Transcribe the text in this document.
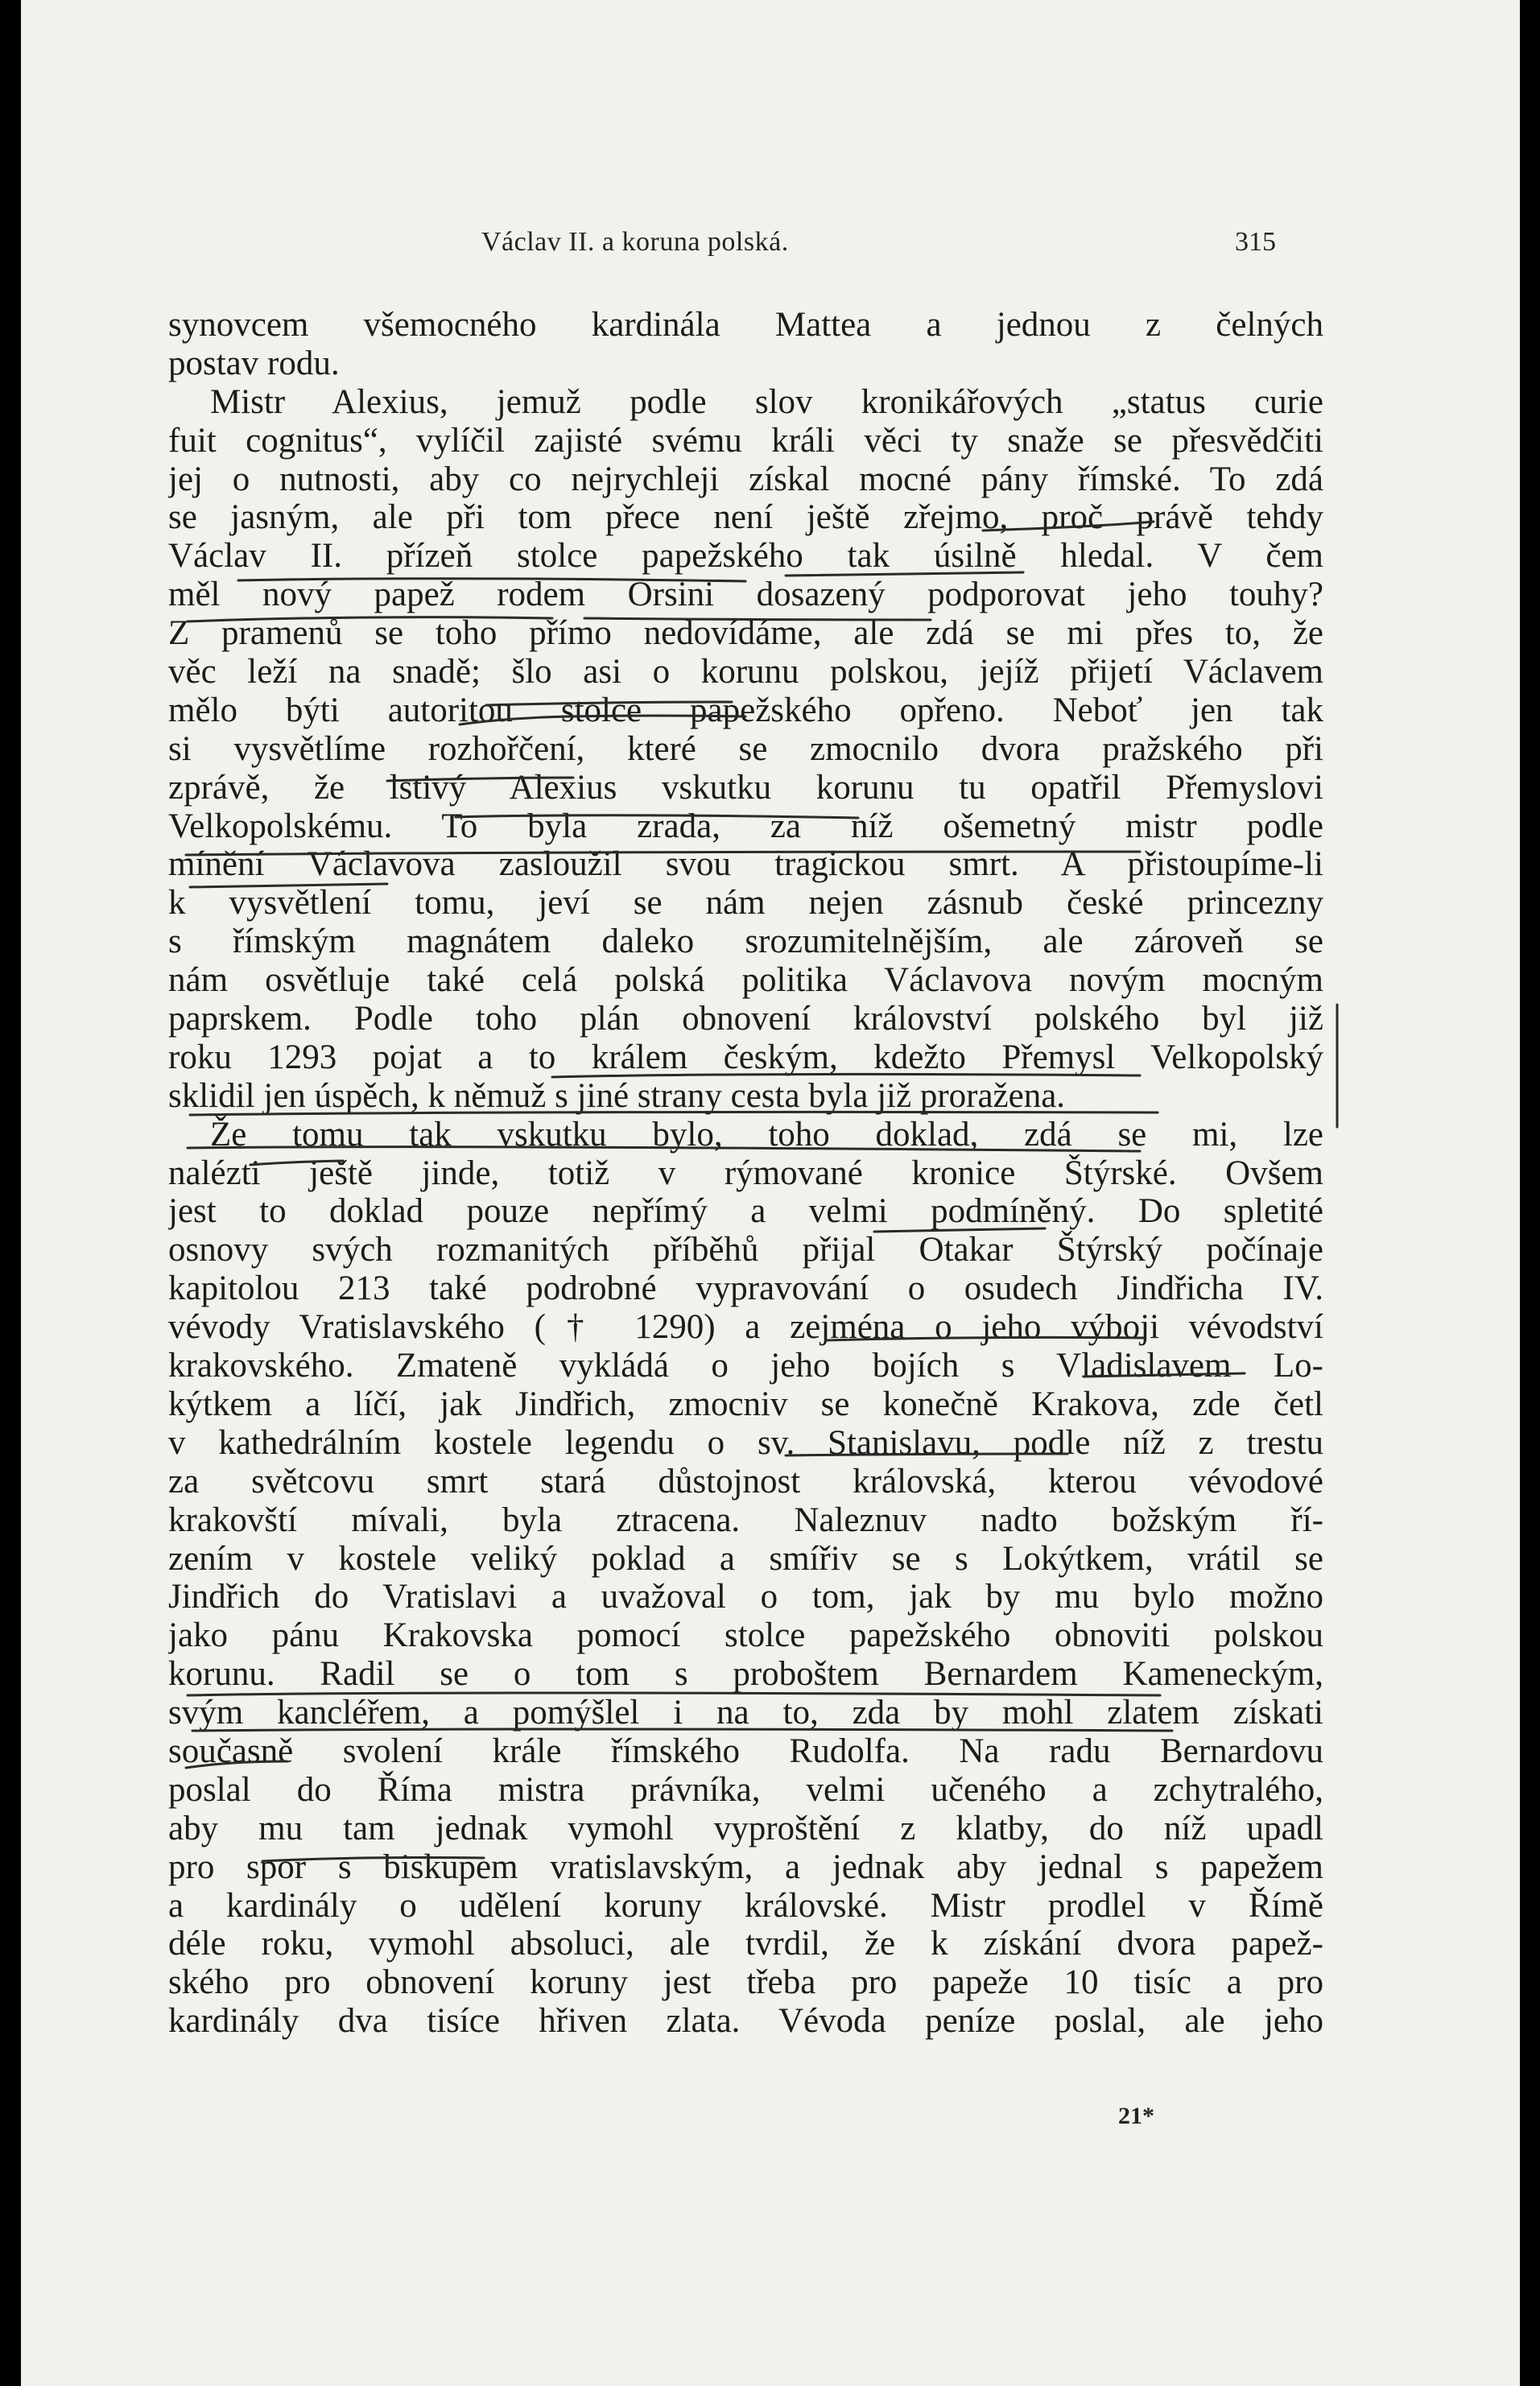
Václav II. a koruna polská.	315

synovcem všemocného kardinála Mattea a jednou z čelných
postav rodu.

Mistr Alexius, jemuž podle slov kronikářových „status curie
fuit cognitus“, vylíčil zajisté svému králi věci ty snaže se přesvědčiti
jej o nutnosti, aby co nejrychleji získal mocné pány římské. To zdá
se jasným, ale při tom přece není ještě zřejmo, proč právě tehdy
Václav II. přízeň stolce papežského tak úsilně hledal. V čem
měl nový papež rodem Orsini dosazený podporovat jeho touhy?
Z pramenů se toho přímo nedovídáme, ale zdá se mi přes to, že
věc leží na snadě; šlo asi o korunu polskou, jejíž přijetí Václavem
mělo býti autoritou stolce papežského opřeno. Neboť jen tak
si vysvětlíme rozhořčení, které se zmocnilo dvora pražského při
zprávě, že lstivý Alexius vskutku korunu tu opatřil Přemyslovi
Velkopolskému. To byla zrada, za níž ošemetný mistr podle
mínění Václavova zasloužil svou tragickou smrt. A přistoupíme-li
k vysvětlení tomu, jeví se nám nejen zásnub české princezny
s římským magnátem daleko srozumitelnějším, ale zároveň se
nám osvětluje také celá polská politika Václavova novým mocným
paprskem. Podle toho plán obnovení království polského byl již
roku 1293 pojat a to králem českým, kdežto Přemysl Velkopolský
sklidil jen úspěch, k němuž s jiné strany cesta byla již proražena.

Že tomu tak vskutku bylo, toho doklad, zdá se mi, lze
nalézti ještě jinde, totiž v rýmované kronice Štýrské. Ovšem
jest to doklad pouze nepřímý a velmi podmíněný. Do spletité
osnovy svých rozmanitých příběhů přijal Otakar Štýrský počínaje
kapitolou 213 také podrobné vypravování o osudech Jindřicha IV.
vévody Vratislavského († 1290) a zejména o jeho výboji vévodství
krakovského. Zmateně vykládá o jeho bojích s Vladislavem Lo-
kýtkem a líčí, jak Jindřich, zmocniv se konečně Krakova, zde četl
v kathedrálním kostele legendu o sv. Stanislavu, podle níž z trestu
za světcovu smrt stará důstojnost královská, kterou vévodové
krakovští mívali, byla ztracena. Naleznuv nadto božským ří-
zením v kostele veliký poklad a smířiv se s Lokýtkem, vrátil se
Jindřich do Vratislavi a uvažoval o tom, jak by mu bylo možno
jako pánu Krakovska pomocí stolce papežského obnoviti polskou
korunu. Radil se o tom s proboštem Bernardem Kameneckým,
svým kancléřem, a pomýšlel i na to, zda by mohl zlatem získati
současně svolení krále římského Rudolfa. Na radu Bernardovu
poslal do Říma mistra právníka, velmi učeného a zchytralého,
aby mu tam jednak vymohl vyproštění z klatby, do níž upadl
pro spor s biskupem vratislavským, a jednak aby jednal s papežem
a kardinály o udělení koruny královské. Mistr prodlel v Římě
déle roku, vymohl absoluci, ale tvrdil, že k získání dvora papež-
ského pro obnovení koruny jest třeba pro papeže 10 tisíc a pro
kardinály dva tisíce hřiven zlata. Vévoda peníze poslal, ale jeho

21*
